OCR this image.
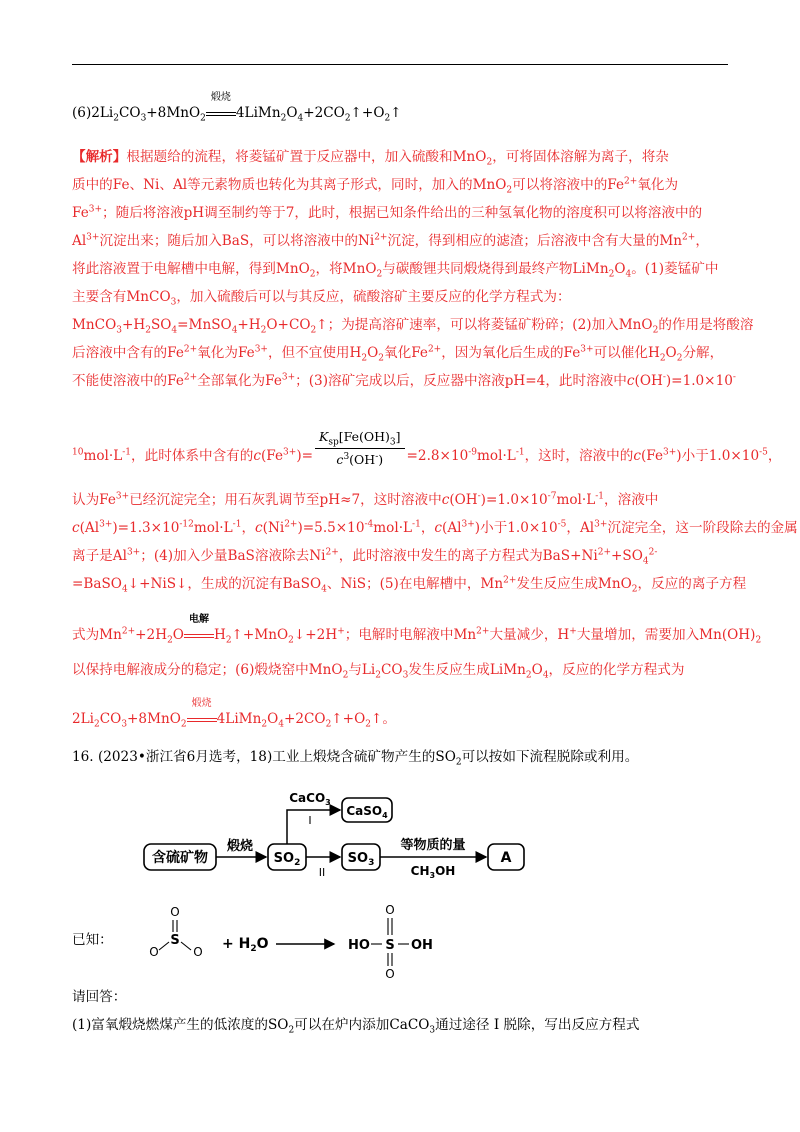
$(6)2Li_2CO_3+8MnO_2$
煅烧
$4LiMn_2O_4+2CO_2↑+O_2↑$
【解析】根据题给的流程，将菱锰矿置于反应器中，加入硫酸和MnO$_2$，可将固体溶解为离子，将杂
质中的Fe、Ni、Al等元素物质也转化为其离子形式，同时，加入的MnO$_2$可以将溶液中的$Fe^{2+}$氧化为
$Fe^{3+}$；随后将溶液pH调至制约等于7，此时，根据已知条件给出的三种氢氧化物的溶度积可以将溶液中的
$Al^{3+}$沉淀出来；随后加入BaS，可以将溶液中的$Ni^{2+}$沉淀，得到相应的滤渣；后溶液中含有大量的$Mn^{2+}$，
将此溶液置于电解槽中电解，得到MnO$_2$，将MnO$_2$与碳酸锂共同煅烧得到最终产物$LiMn_2O_4$。(1)菱锰矿中
主要含有MnCO$_3$，加入硫酸后可以与其反应，硫酸溶矿主要反应的化学方程式为：
$MnCO_3+H_2SO_4=MnSO_4+H_2O+CO_2↑$；为提高溶矿速率，可以将菱锰矿粉碎；(2)加入MnO$_2$的作用是将酸溶
后溶液中含有的$Fe^{2+}$氧化为$Fe^{3+}$，但不宜使用$H_2O_2$氧化$Fe^{2+}$，因为氧化后生成的$Fe^{3+}$可以催化$H_2O_2$分解，
不能使溶液中的$Fe^{2+}$全部氧化为$Fe^{3+}$；(3)溶矿完成以后，反应器中溶液pH=4，此时溶液中c(OH-)=1.0×10-
$^{10}mol\cdot L^{-1}$，此时体系中含有的$c(Fe^{3+})= \frac{K_{sp}[Fe(OH)_3]}{c^3(OH^-)} =2.8\times 10^{-9}mol\cdot L^{-1}$，这时，溶液中的$c(Fe^{3+})$小于$1.0\times 10^{-5}$，
认为$Fe^{3+}$已经沉淀完全；用石灰乳调节至pH≈7，这时溶液中$c(OH^-)=1.0\times 10^{-7}mol\cdot L^{-1}$，溶液中
$c(Al^{3+})=1.3\times 10^{-12}mol\cdot L^{-1}$，$c(Ni^{2+})=5.5\times 10^{-4}mol\cdot L^{-1}$，$c(Al^{3+})$小于$1.0\times 10^{-5}$，$Al^{3+}$沉淀完全，这一阶段除去的金属
离子是$Al^{3+}$；(4)加入少量BaS溶液除去$Ni^{2+}$，此时溶液中发生的离子方程式为$BaS+Ni^{2+}+SO_4^{2-}$
=BaSO$_4$↓+NiS↓，生成的沉淀有BaSO$_4$、NiS；(5)在电解槽中，$Mn^{2+}$发生反应生成MnO$_2$，反应的离子方程
式为$Mn^{2+}+2H_2O$
电解
$H_2↑+MnO_2↓+2H^+$；电解时电解液中$Mn^{2+}$大量减少，H+大量增加，需要加入$Mn(OH)_2$
以保持电解液成分的稳定；(6)煅烧窑中MnO$_2$与$Li_2CO_3$发生反应生成$LiMn_2O_4$，反应的化学方程式为
$2Li_2CO_3+8MnO_2$
煅烧
$4LiMn_2O_4+2CO_2↑+O_2↑$。
16. (2023•浙江省6月选考，18)工业上煅烧含硫矿物产生的$SO_2$可以按如下流程脱除或利用。
含硫矿物
煅烧
$SO_2$
CaCO$_3$
I
CaSO$_4$
II
$SO_3$
等物质的量
$CH_3OH$
A
已知：	S
O
O	$O + H_2O$	HO S OH
O
O
请回答：
(1)富氧煅烧燃煤产生的低浓度的$SO_2$可以在炉内添加CaCO$_3$通过途径 I 脱除，写出反应方程式
